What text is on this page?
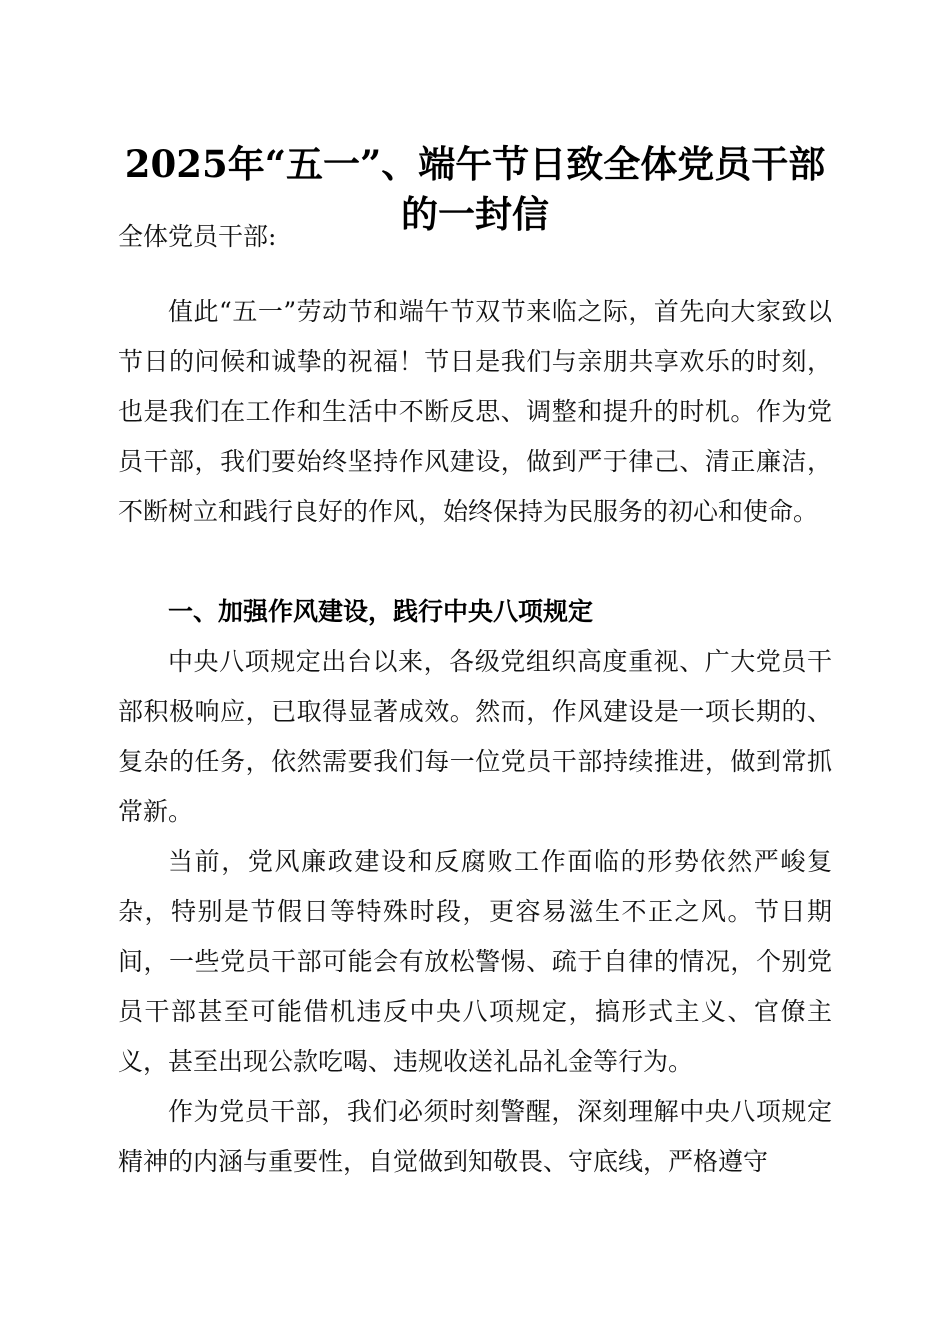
2025年“五一”、端午节日致全体党员干部
的一封信

全体党员干部:

值此“五一”劳动节和端午节双节来临之际，首先向大家致以节日的问候和诚挚的祝福！节日是我们与亲朋共享欢乐的时刻，也是我们在工作和生活中不断反思、调整和提升的时机。作为党员干部，我们要始终坚持作风建设，做到严于律己、清正廉洁，不断树立和践行良好的作风，始终保持为民服务的初心和使命。

一、加强作风建设，践行中央八项规定

中央八项规定出台以来，各级党组织高度重视、广大党员干部积极响应，已取得显著成效。然而，作风建设是一项长期的、复杂的任务，依然需要我们每一位党员干部持续推进，做到常抓常新。

当前，党风廉政建设和反腐败工作面临的形势依然严峻复杂，特别是节假日等特殊时段，更容易滋生不正之风。节日期间，一些党员干部可能会有放松警惕、疏于自律的情况，个别党员干部甚至可能借机违反中央八项规定，搞形式主义、官僚主义，甚至出现公款吃喝、违规收送礼品礼金等行为。

作为党员干部，我们必须时刻警醒，深刻理解中央八项规定精神的内涵与重要性，自觉做到知敬畏、守底线，严格遵守
